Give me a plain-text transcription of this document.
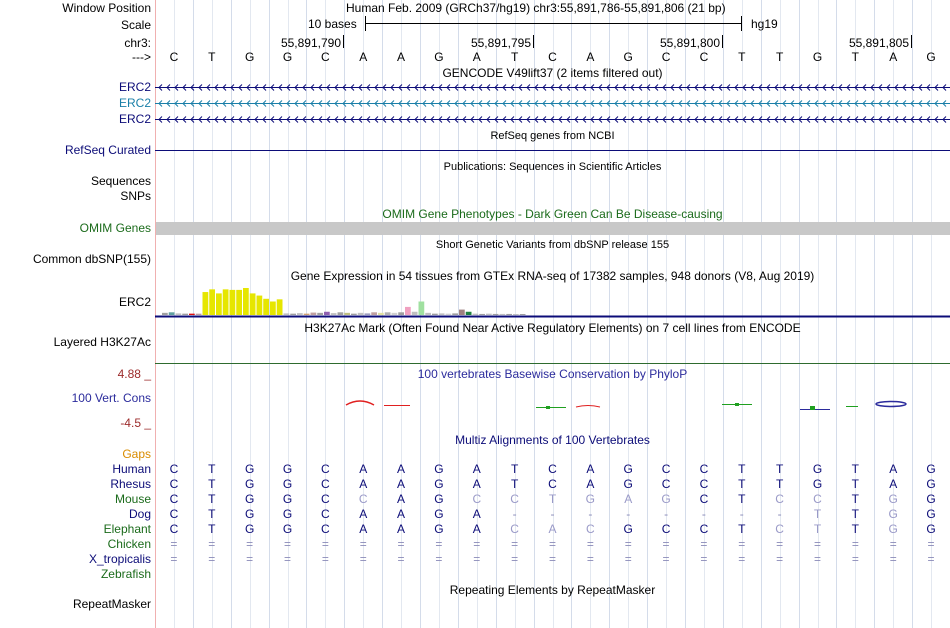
Window Position
Scale
chr3:
--->
ERC2
ERC2
ERC2
RefSeq Curated
Sequences
SNPs
OMIM Genes
Common dbSNP(155)
ERC2
Layered H3K27Ac
4.88 _
100 Vert. Cons
-4.5 _
Gaps
Human
Rhesus
Mouse
Dog
Elephant
Chicken
X_tropicalis
Zebrafish
RepeatMasker
Human Feb. 2009 (GRCh37/hg19) chr3:55,891,786-55,891,806 (21 bp)
10 bases	hg19
55,891,790	55,891,795	55,891,800	55,891,805
C	T	G	G	C	A	A	G	A	T	C	A	G	C	C	T	T	G	T	A	G
GENCODE V49lift37 (2 items filtered out)
RefSeq genes from NCBI
Publications: Sequences in Scientific Articles
OMIM Gene Phenotypes - Dark Green Can Be Disease-causing
Short Genetic Variants from dbSNP release 155
Gene Expression in 54 tissues from GTEx RNA-seq of 17382 samples, 948 donors (V8, Aug 2019)
H3K27Ac Mark (Often Found Near Active Regulatory Elements) on 7 cell lines from ENCODE
100 vertebrates Basewise Conservation by PhyloP
Multiz Alignments of 100 Vertebrates
Repeating Elements by RepeatMasker
C	T	G	G	C	A	A	G	A	T	C	A	G	C	C	T	T	G	T	A	G
C	T	G	G	C	A	A	G	A	T	C	A	G	C	C	T	T	G	T	A	G
C	T	G	G	C	C	A	G	C	C	T	G	A	G	C	T	C	C	T	G	G
C	T	G	G	C	A	A	G	A	-	-	-	-	-	-	-	-	T	T	G	G
C	T	G	G	C	A	A	G	A	C	A	C	G	C	C	T	C	T	T	G	G
=	=	=	=	=	=	=	=	=	=	=	=	=	=	=	=	=	=	=	=	=
=	=	=	=	=	=	=	=	=	=	=	=	=	=	=	=	=	=	=	=	=
